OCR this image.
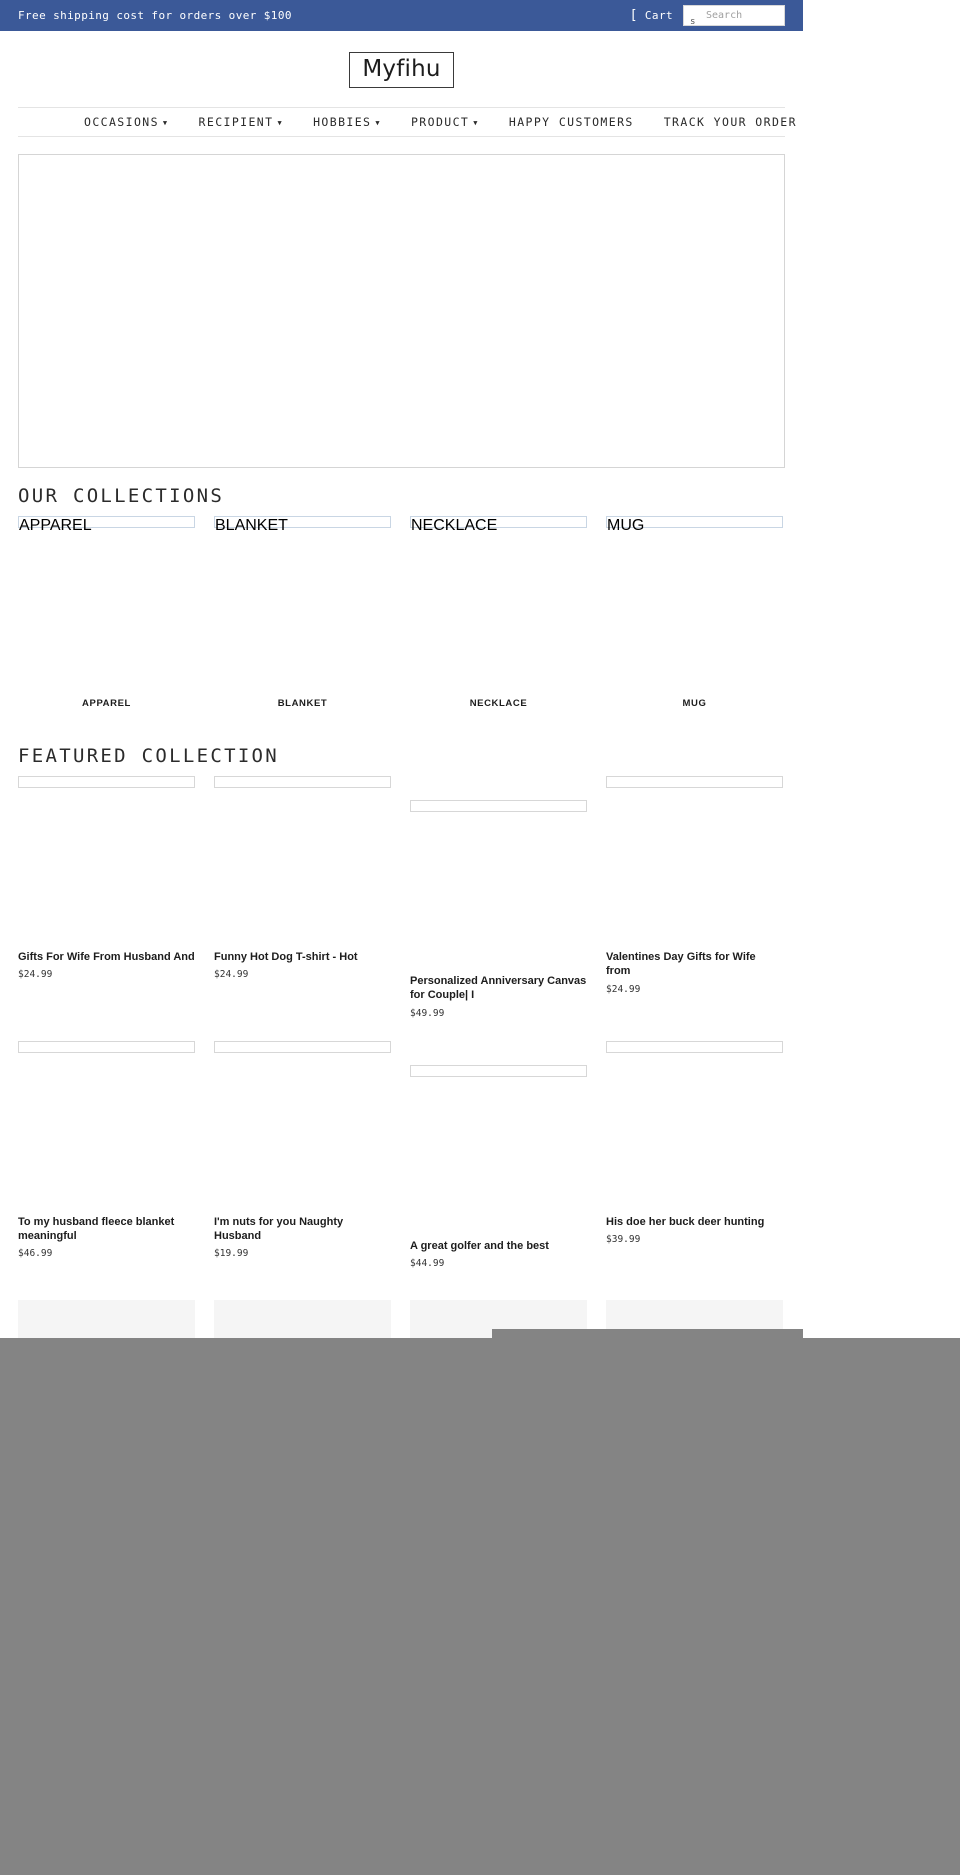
Free shipping cost for orders over $100	[ Cart s
Search
Myfihu
OCCASIONS ▼	RECIPIENT ▼	HOBBIES ▼	PRODUCT ▼	HAPPY CUSTOMERS	TRACK YOUR ORDER
OUR COLLECTIONS
APPAREL
APPAREL
BLANKET
BLANKET
NECKLACE
NECKLACE
MUG
MUG
FEATURED COLLECTION
Gifts For Wife From Husband And
$24.99
Funny Hot Dog T-shirt - Hot
$24.99
Personalized Anniversary Canvas for Couple| I
$49.99
Valentines Day Gifts for Wife from
$24.99
To my husband fleece blanket meaningful
$46.99
I'm nuts for you Naughty Husband
$19.99
A great golfer and the best
$44.99
His doe her buck deer hunting
$39.99
